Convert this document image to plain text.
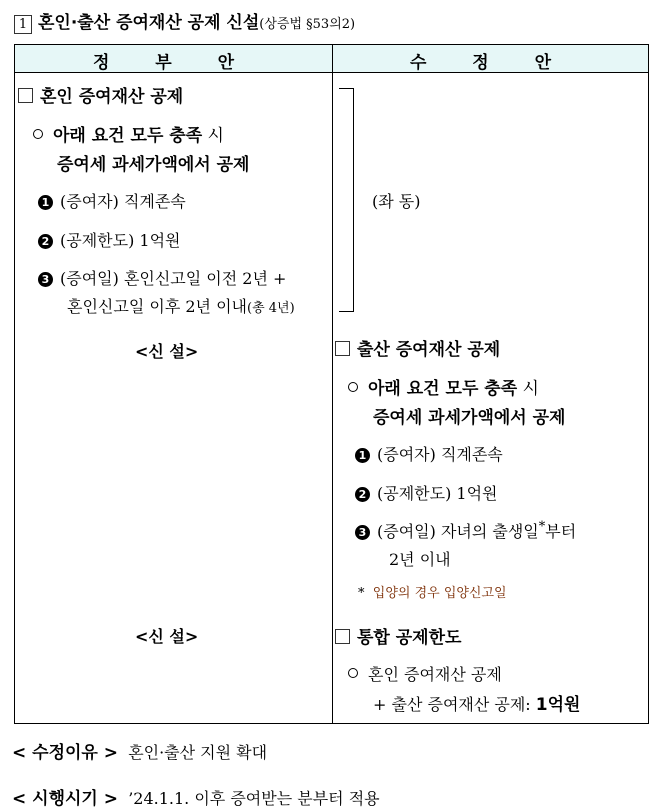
1 혼인·출산 증여재산 공제 신설(상증법 §53의2)
정 부 안	수 정 안
혼인 증여재산 공제
아래 요건 모두 충족 시
증여세 과세가액에서 공제
1 (증여자) 직계존속
2 (공제한도) 1억원
3 (증여일) 혼인신고일 이전 2년 +
혼인신고일 이후 2년 이내(총 4년)
<신 설>
<신 설>
(좌 동)
출산 증여재산 공제
아래 요건 모두 충족 시
증여세 과세가액에서 공제
1 (증여자) 직계존속
2 (공제한도) 1억원
3 (증여일) 자녀의 출생일*부터
2년 이내
* 입양의 경우 입양신고일
통합 공제한도
혼인 증여재산 공제
+ 출산 증여재산 공제: 1억원
< 수정이유 > 혼인·출산 지원 확대
< 시행시기 > ’24.1.1. 이후 증여받는 분부터 적용
